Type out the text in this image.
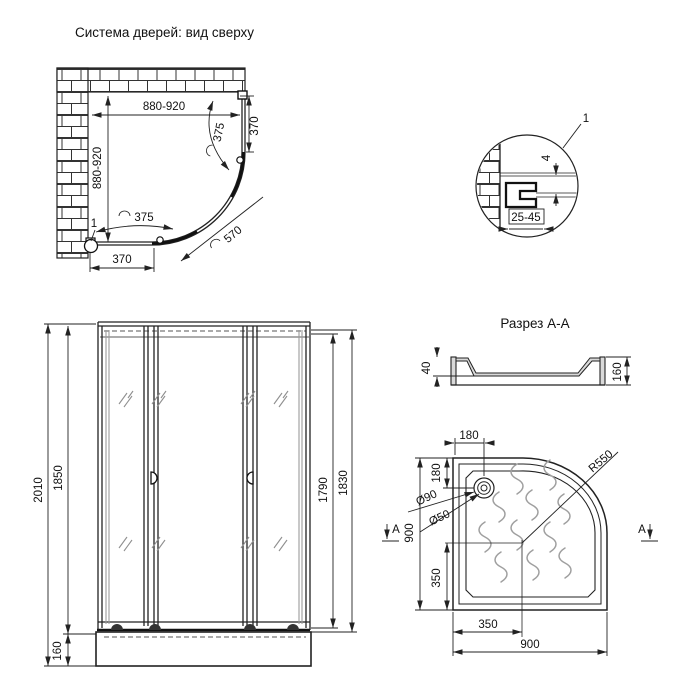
Система дверей: вид сверху
880-920
880-920
370
375
375
570
370
1
1
4
25-45
2010 1850
160
1790 1830
Разрез А-А
40	160
R550
180
180
Ø90
Ø50
900
350
350
900
А	А
